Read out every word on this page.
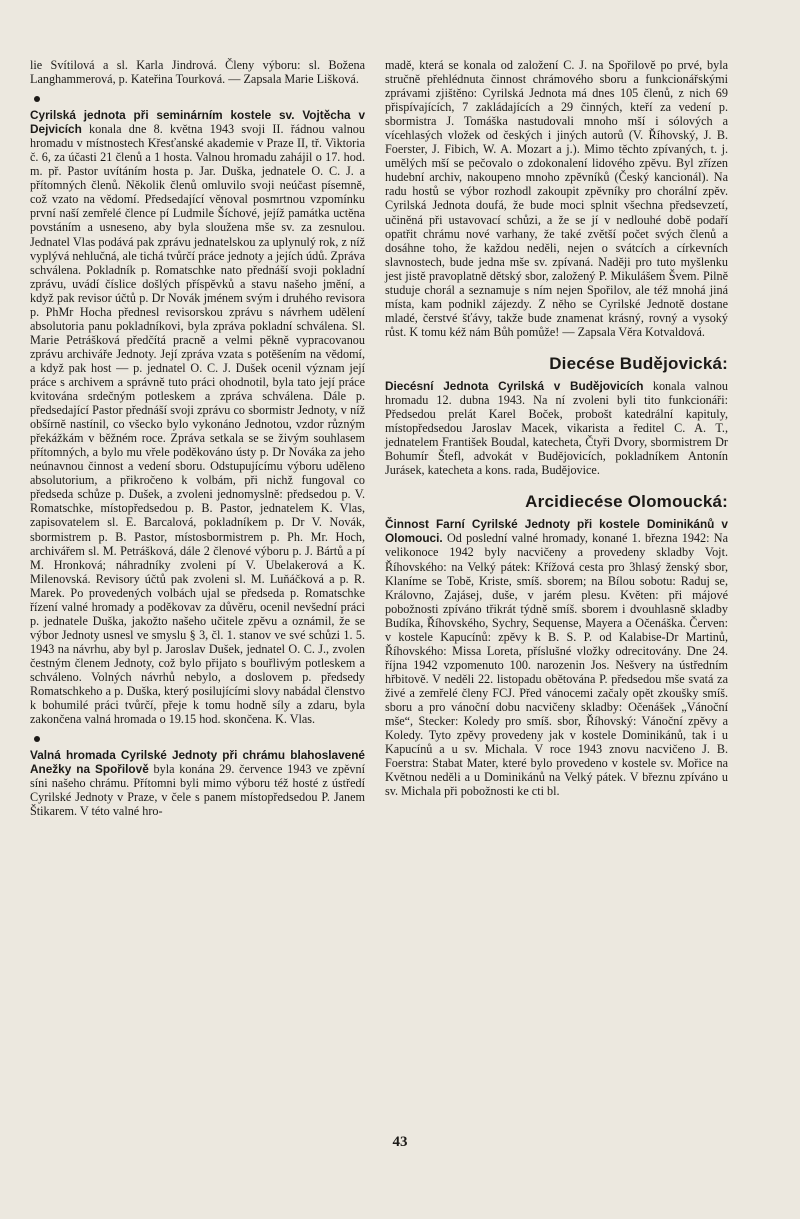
lie Svítilová a sl. Karla Jindrová. Členy výboru: sl. Božena Langhammerová, p. Kateřina Tourková. — Zapsala Marie Lišková.

Cyrilská jednota při seminárním kostele sv. Vojtěcha v Dejvicích konala dne 8. května 1943 svoji II. řádnou valnou hromadu v místnostech Křesťanské akademie v Praze II, tř. Viktoria č. 6, za účasti 21 členů a 1 hosta. Valnou hromadu zahájil o 17. hod. m. př. Pastor uvítáním hosta p. Jar. Duška, jednatele O. C. J. a přítomných členů. Několik členů omluvilo svoji neúčast písemně, což vzato na vědomí. Předsedající věnoval posmrtnou vzpomínku první naší zemřelé člence pí Ludmile Šíchové, jejíž památka uctěna povstáním a usneseno, aby byla sloužena mše sv. za zesnulou. Jednatel Vlas podává pak zprávu jednatelskou za uplynulý rok, z níž vyplývá nehlučná, ale tichá tvůrčí práce jednoty a jejích údů. Zpráva schválena. Pokladník p. Romatschke nato přednáší svoji pokladní zprávu, uvádí číslice došlých příspěvků a stavu našeho jmění, a když pak revisor účtů p. Dr Novák jménem svým i druhého revisora p. PhMr Hocha přednesl revisorskou zprávu s návrhem udělení absolutoria panu pokladníkovi, byla zpráva pokladní schválena. Sl. Marie Petrášková předčítá pracně a velmi pěkně vypracovanou zprávu archiváře Jednoty. Její zpráva vzata s potěšením na vědomí, a když pak host — p. jednatel O. C. J. Dušek ocenil význam její práce s archivem a správně tuto práci ohodnotil, byla tato její práce kvitována srdečným potleskem a zpráva schválena. Dále p. předsedající Pastor přednáší svoji zprávu co sbormistr Jednoty, v níž obšírně nastínil, co všecko bylo vykonáno Jednotou, vzdor různým překážkám v běžném roce. Zpráva setkala se se živým souhlasem přítomných, a bylo mu vřele poděkováno ústy p. Dr Nováka za jeho neúnavnou činnost a vedení sboru. Odstupujícímu výboru uděleno absolutorium, a přikročeno k volbám, při nichž fungoval co předseda schůze p. Dušek, a zvoleni jednomyslně: předsedou p. V. Romatschke, místopředsedou p. B. Pastor, jednatelem K. Vlas, zapisovatelem sl. E. Barcalová, pokladníkem p. Dr V. Novák, sbormistrem p. B. Pastor, místosbormistrem p. Ph. Mr. Hoch, archivářem sl. M. Petrášková, dále 2 členové výboru p. J. Bártů a pí M. Hronková; náhradníky zvoleni pí V. Ubelakerová a K. Milenovská. Revisory účtů pak zvoleni sl. M. Luňáčková a p. R. Marek. Po provedených volbách ujal se předseda p. Romatschke řízení valné hromady a poděkovav za důvěru, ocenil nevšední práci p. jednatele Duška, jakožto našeho učitele zpěvu a oznámil, že se výbor Jednoty usnesl ve smyslu § 3, čl. 1. stanov ve své schůzi 1. 5. 1943 na návrhu, aby byl p. Jaroslav Dušek, jednatel O. C. J., zvolen čestným členem Jednoty, což bylo přijato s bouřlivým potleskem a schváleno. Volných návrhů nebylo, a doslovem p. předsedy Romatschkeho a p. Duška, který posilujícími slovy nabádal členstvo k bohumilé práci tvůrčí, přeje k tomu hodně síly a zdaru, byla zakončena valná hromada o 19.15 hod. skončena. K. Vlas.

Valná hromada Cyrilské Jednoty při chrámu blahoslavené Anežky na Spořilově byla konána 29. července 1943 ve zpěvní síni našeho chrámu. Přítomni byli mimo výboru též hosté z ústředí Cyrilské Jednoty v Praze, v čele s panem místopředsedou P. Janem Štikarem. V této valné hro-

madě, která se konala od založení C. J. na Spořilově po prvé, byla stručně přehlédnuta činnost chrámového sboru a funkcionářskými zprávami zjištěno: Cyrilská Jednota má dnes 105 členů, z nich 69 přispívajících, 7 zakládajících a 29 činných, kteří za vedení p. sbormistra J. Tomáška nastudovali mnoho mší i sólových a vícehlasých vložek od českých i jiných autorů (V. Říhovský, J. B. Foerster, J. Fibich, W. A. Mozart a j.). Mimo těchto zpívaných, t. j. umělých mší se pečovalo o zdokonalení lidového zpěvu. Byl zřízen hudební archiv, nakoupeno mnoho zpěvníků (Český kancionál). Na radu hostů se výbor rozhodl zakoupit zpěvníky pro chorální zpěv. Cyrilská Jednota doufá, že bude moci splnit všechna předsevzetí, učiněná při ustavovací schůzi, a že se jí v nedlouhé době podaří opatřit chrámu nové varhany, že také zvětší počet svých členů a dosáhne toho, že každou neděli, nejen o svátcích a církevních slavnostech, bude jedna mše sv. zpívaná. Naději pro tuto myšlenku jest jistě pravoplatně dětský sbor, založený P. Mikulášem Švem. Pilně studuje chorál a seznamuje s ním nejen Spořilov, ale též mnohá jiná místa, kam podnikl zájezdy. Z něho se Cyrilské Jednotě dostane mladé, čerstvé šťávy, takže bude znamenat krásný, rovný a vysoký růst. K tomu kéž nám Bůh pomůže! — Zapsala Věra Kotvaldová.

Diecése Budějovická:

Diecésní Jednota Cyrilská v Budějovicích konala valnou hromadu 12. dubna 1943. Na ní zvoleni byli tito funkcionáři: Předsedou prelát Karel Boček, probošt katedrální kapituly, místopředsedou Jaroslav Macek, vikarista a ředitel C. A. T., jednatelem František Boudal, katecheta, Čtyři Dvory, sbormistrem Dr Bohumír Štefl, advokát v Budějovicích, pokladníkem Antonín Jurásek, katecheta a kons. rada, Budějovice.

Arcidiecése Olomoucká:

Činnost Farní Cyrilské Jednoty při kostele Dominikánů v Olomouci. Od poslední valné hromady, konané 1. března 1942: Na velikonoce 1942 byly nacvičeny a provedeny skladby Vojt. Říhovského: na Velký pátek: Křížová cesta pro 3hlasý ženský sbor, Klaníme se Tobě, Kriste, smíš. sborem; na Bílou sobotu: Raduj se, Královno, Zajásej, duše, v jarém plesu. Květen: při májové pobožnosti zpíváno třikrát týdně smíš. sborem i dvouhlasně skladby Budíka, Říhovského, Sychry, Sequense, Mayera a Očenáška. Červen: v kostele Kapucínů: zpěvy k B. S. P. od Kalabise-Dr Martinů, Říhovského: Missa Loreta, příslušné vložky odrecitovány. Dne 24. října 1942 vzpomenuto 100. narozenin Jos. Nešvery na ústředním hřbitově. V neděli 22. listopadu obětována P. předsedou mše svatá za živé a zemřelé členy FCJ. Před vánocemi začaly opět zkoušky smíš. sboru a pro vánoční dobu nacvičeny skladby: Očenášek „Vánoční mše“, Stecker: Koledy pro smíš. sbor, Říhovský: Vánoční zpěvy a Koledy. Tyto zpěvy provedeny jak v kostele Dominikánů, tak i u Kapucínů a u sv. Michala. V roce 1943 znovu nacvičeno J. B. Foerstra: Stabat Mater, které bylo provedeno v kostele sv. Mořice na Květnou neděli a u Dominikánů na Velký pátek. V březnu zpíváno u sv. Michala při pobožnosti ke cti bl.

43
